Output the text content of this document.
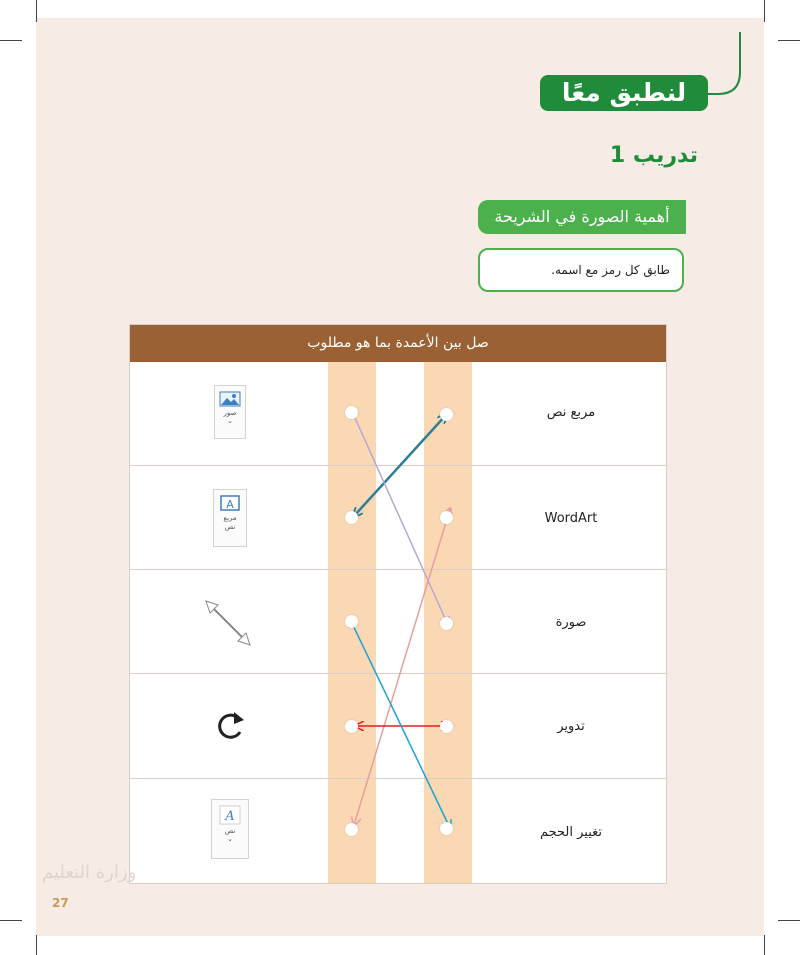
لنطبق معًا
تدريب 1
أهمية الصورة في الشريحة
طابق كل رمز مع اسمه.
صل بين الأعمدة بما هو مطلوب
مربع نص
WordArt
صورة
تدوير
تغيير الحجم
صور
⌄
A
مربع نص
A
نص
⌄
وزارة التعليم
27
